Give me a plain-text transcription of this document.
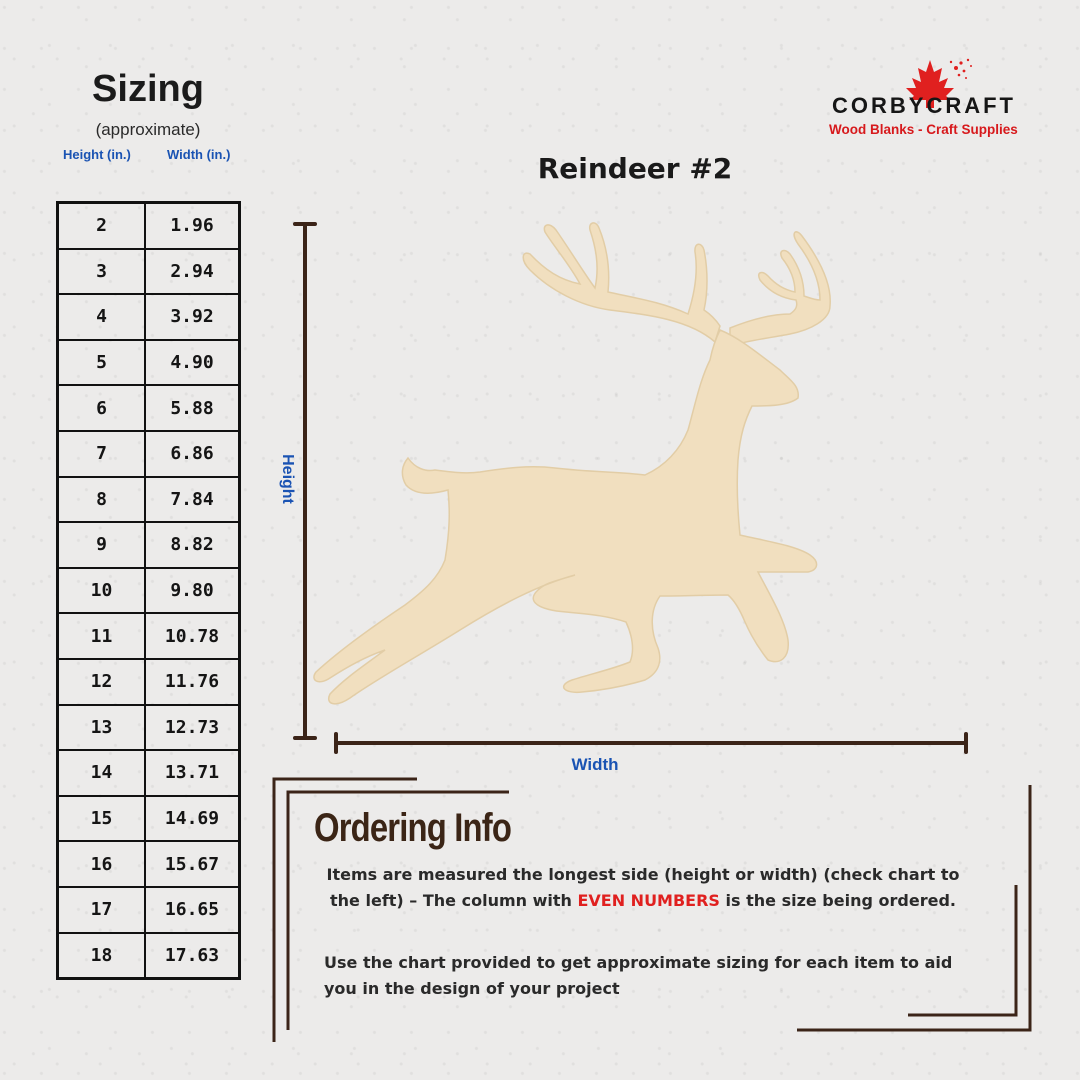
Sizing
(approximate)
Height (in.)	Width (in.)
2	1.96
3	2.94
4	3.92
5	4.90
6	5.88
7	6.86
8	7.84
9	8.82
10	9.80
11	10.78
12	11.76
13	12.73
14	13.71
15	14.69
16	15.67
17	16.65
18	17.63
CORBYCRAFT
Wood Blanks - Craft Supplies
Reindeer #2
Height
Width
Ordering Info
Items are measured the longest side (height or width) (check chart to the left) – The column with EVEN NUMBERS is the size being ordered.
Use the chart provided to get approximate sizing for each item to aid you in the design of your project
